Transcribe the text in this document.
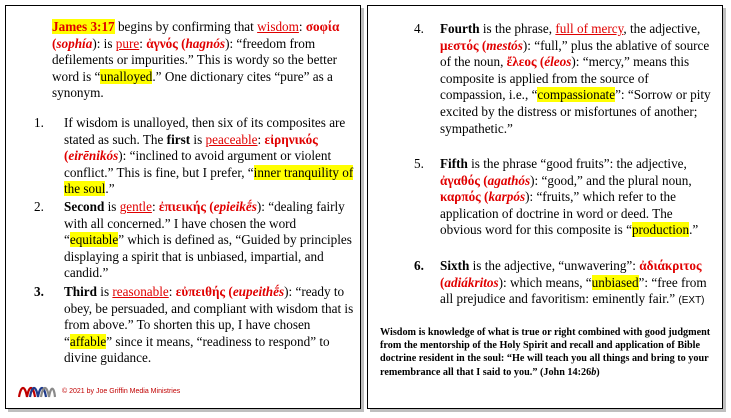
James 3:17 begins by confirming that wisdom: σοφία (sophía): is pure: ἁγνός (hagnós): “freedom from defilements or impurities.” This is wordy so the better word is “unalloyed.” One dictionary cites “pure” as a synonym.

1.	If wisdom is unalloyed, then six of its composites are stated as such. The first is peaceable: εἰρηνικός (eirēnikós): “inclined to avoid argument or violent conflict.” This is fine, but I prefer, “inner tranquility of the soul.”

2.	Second is gentle: ἐπιεικής (epieikḗs): “dealing fairly with all concerned.” I have chosen the word “equitable” which is defined as, “Guided by principles displaying a spirit that is unbiased, impartial, and candid.”

3.	Third is reasonable: εὐπειθής (eupeithḗs): “ready to obey, be persuaded, and compliant with wisdom that is from above.” To shorten this up, I have chosen “affable” since it means, “readiness to respond” to divine guidance.

© 2021 by Joe Griffin Media Ministries
4.	Fourth is the phrase, full of mercy, the adjective, μεστός (mestós): “full,” plus the ablative of source of the noun, ἔλεος (éleos): “mercy,” means this composite is applied from the source of compassion, i.e., “compassionate”: “Sorrow or pity excited by the distress or misfortunes of another; sympathetic.”

5.	Fifth is the phrase “good fruits”: the adjective, ἀγαθός (agathós): “good,” and the plural noun, καρπός (karpós): “fruits,” which refer to the application of doctrine in word or deed. The obvious word for this composite is “production.”

6.	Sixth is the adjective, “unwavering”: ἀδιάκριτος (adiákritos): which means, “unbiased”: “free from all prejudice and favoritism: eminently fair.” (EXT)

Wisdom is knowledge of what is true or right combined with good judgment from the mentorship of the Holy Spirit and recall and application of Bible doctrine resident in the soul: “He will teach you all things and bring to your remembrance all that I said to you.” (John 14:26b)
